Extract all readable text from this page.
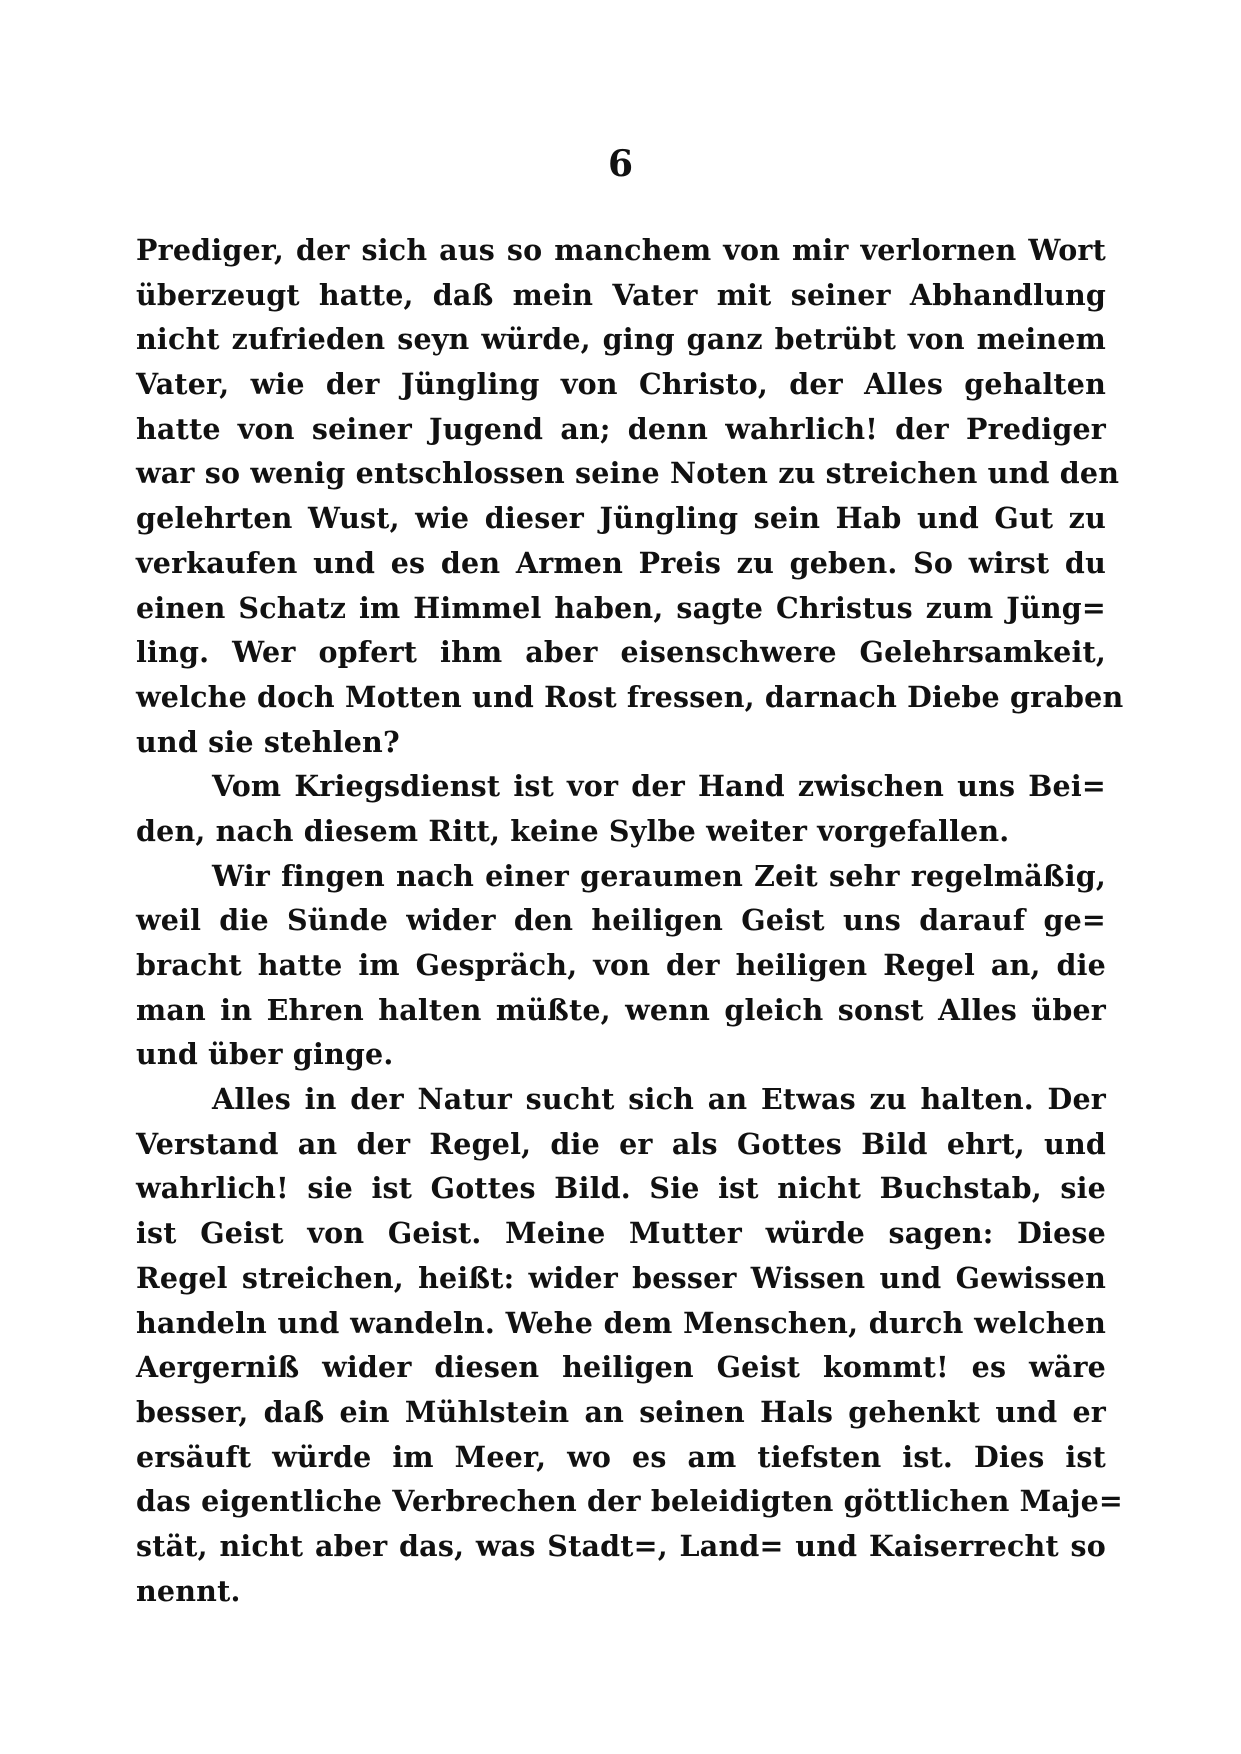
6
Prediger, der sich aus so manchem von mir verlornen Wort
überzeugt hatte, daß mein Vater mit seiner Abhandlung
nicht zufrieden seyn würde, ging ganz betrübt von meinem
Vater, wie der Jüngling von Christo, der Alles gehalten
hatte von seiner Jugend an; denn wahrlich! der Prediger
war so wenig entschlossen seine Noten zu streichen und den
gelehrten Wust, wie dieser Jüngling sein Hab und Gut zu
verkaufen und es den Armen Preis zu geben. So wirst du
einen Schatz im Himmel haben, sagte Christus zum Jüng=
ling. Wer opfert ihm aber eisenschwere Gelehrsamkeit,
welche doch Motten und Rost fressen, darnach Diebe graben
und sie stehlen?
Vom Kriegsdienst ist vor der Hand zwischen uns Bei=
den, nach diesem Ritt, keine Sylbe weiter vorgefallen.
Wir fingen nach einer geraumen Zeit sehr regelmäßig,
weil die Sünde wider den heiligen Geist uns darauf ge=
bracht hatte im Gespräch, von der heiligen Regel an, die
man in Ehren halten müßte, wenn gleich sonst Alles über
und über ginge.
Alles in der Natur sucht sich an Etwas zu halten. Der
Verstand an der Regel, die er als Gottes Bild ehrt, und
wahrlich! sie ist Gottes Bild. Sie ist nicht Buchstab, sie
ist Geist von Geist. Meine Mutter würde sagen: Diese
Regel streichen, heißt: wider besser Wissen und Gewissen
handeln und wandeln. Wehe dem Menschen, durch welchen
Aergerniß wider diesen heiligen Geist kommt! es wäre
besser, daß ein Mühlstein an seinen Hals gehenkt und er
ersäuft würde im Meer, wo es am tiefsten ist. Dies ist
das eigentliche Verbrechen der beleidigten göttlichen Maje=
stät, nicht aber das, was Stadt=, Land= und Kaiserrecht so
nennt.
